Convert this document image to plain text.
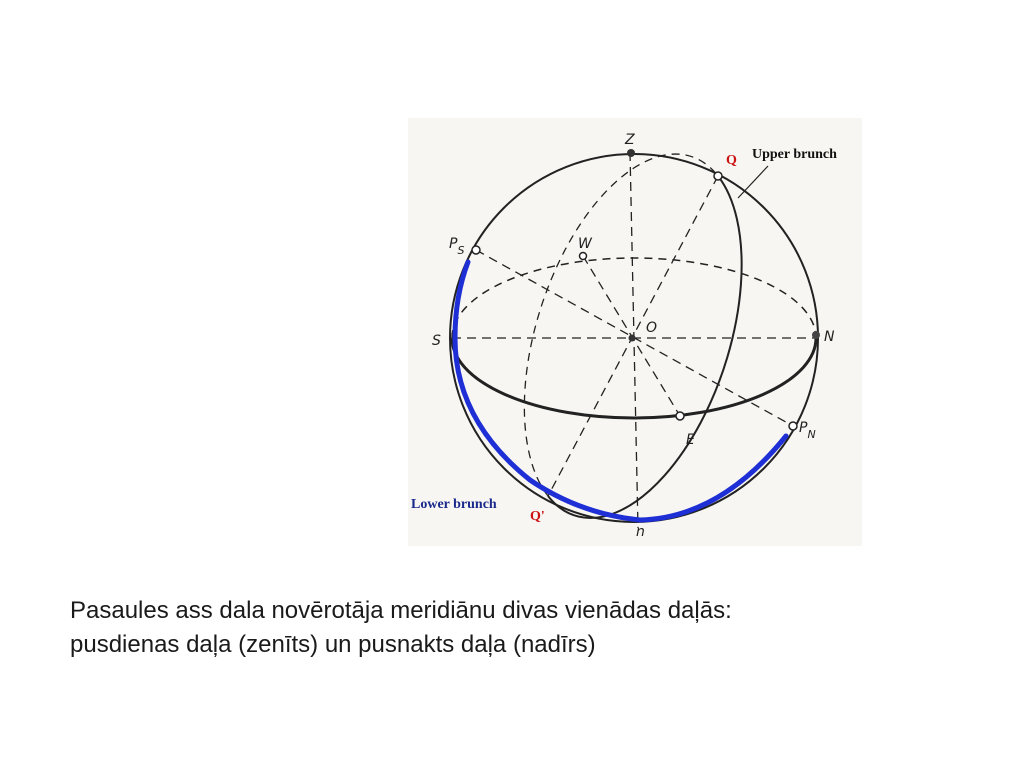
Z
Q Upper brunch
W
$P_S$
O
S	N
E
$P_N$
Lower brunch
Q'
n
Pasaules ass dala novērotāja meridiānu divas vienādas daļās:
pusdienas daļa (zenīts) un pusnakts daļa (nadīrs)
